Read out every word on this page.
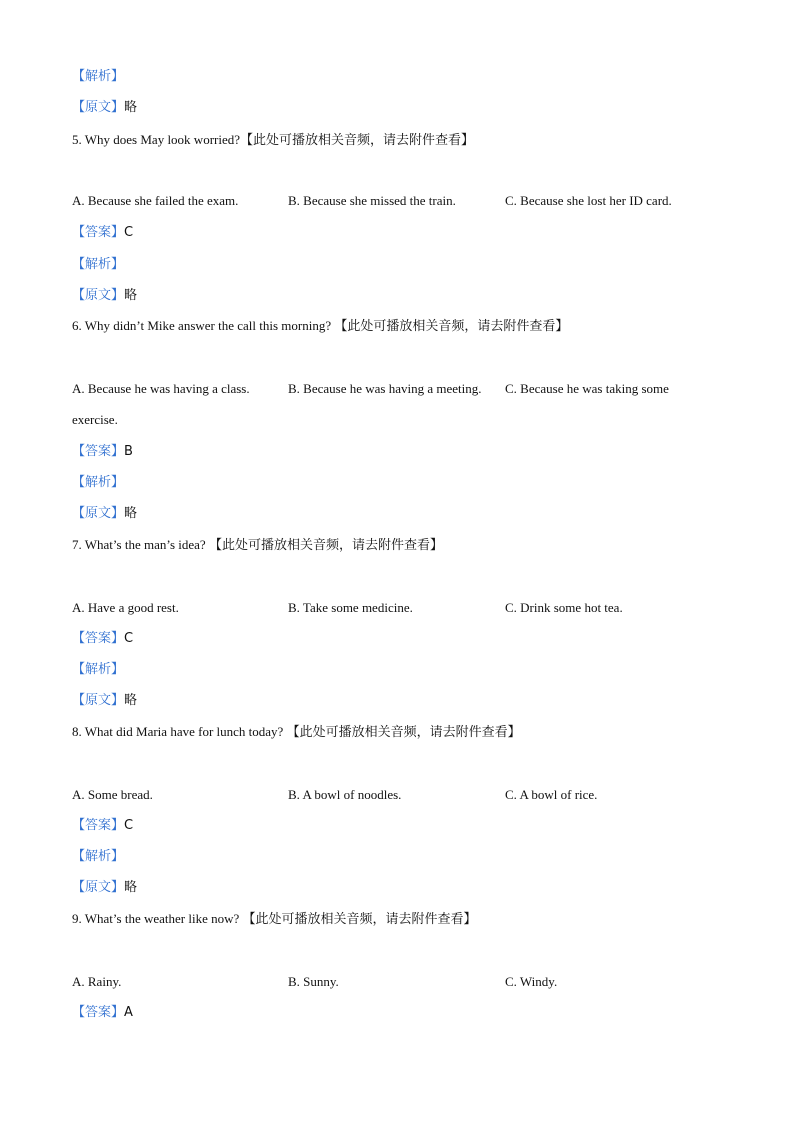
【解析】
【原文】略
5. Why does May look worried?【此处可播放相关音频，请去附件查看】
A. Because she failed the exam.	B. Because she missed the train.	C. Because she lost her ID card.
【答案】C
【解析】
【原文】略
6. Why didn’t Mike answer the call this morning? 【此处可播放相关音频，请去附件查看】
A. Because he was having a class.	B. Because he was having a meeting. C. Because he was taking some
exercise.
【答案】B
【解析】
【原文】略
7. What’s the man’s idea? 【此处可播放相关音频，请去附件查看】
A. Have a good rest.	B. Take some medicine.	C. Drink some hot tea.
【答案】C
【解析】
【原文】略
8. What did Maria have for lunch today? 【此处可播放相关音频，请去附件查看】
A. Some bread.	B. A bowl of noodles.	C. A bowl of rice.
【答案】C
【解析】
【原文】略
9. What’s the weather like now? 【此处可播放相关音频，请去附件查看】
A. Rainy.	B. Sunny.	C. Windy.
【答案】A
